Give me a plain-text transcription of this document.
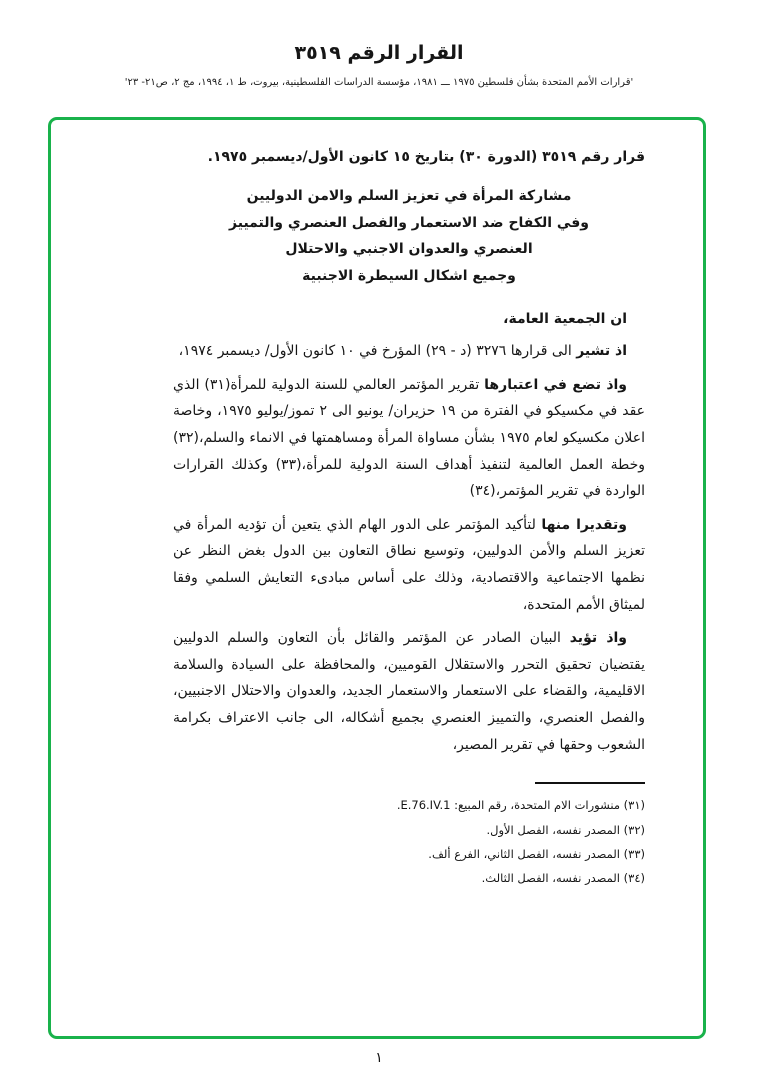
القرار الرقم ٣٥١٩
'قرارات الأمم المتحدة بشأن فلسطين ١٩٧٥ ـــ ١٩٨١، مؤسسة الدراسات الفلسطينية، بيروت، ط ١، ١٩٩٤، مج ٢، ص٢١- ٢٣'

قرار رقم ٣٥١٩ (الدورة ٣٠) بتاريخ ١٥ كانون الأول/ديسمبر ١٩٧٥.

مشاركة المرأة في تعزيز السلم والامن الدوليين
وفي الكفاح ضد الاستعمار والفصل العنصري والتمييز
العنصري والعدوان الاجنبي والاحتلال
وجميع اشكال السيطرة الاجنبية
ان الجمعية العامة،

اذ تشير الى قرارها ٣٢٧٦ (د - ٢٩) المؤرخ في ١٠ كانون الأول/ ديسمبر ١٩٧٤،

واذ تضع في اعتبارها تقرير المؤتمر العالمي للسنة الدولية للمرأة(٣١) الذي عقد في مكسيكو في الفترة من ١٩ حزيران/ يونيو الى ٢ تموز/يوليو ١٩٧٥، وخاصة اعلان مكسيكو لعام ١٩٧٥ بشأن مساواة المرأة ومساهمتها في الانماء والسلم،(٣٢) وخطة العمل العالمية لتنفيذ أهداف السنة الدولية للمرأة،(٣٣) وكذلك القرارات الواردة في تقرير المؤتمر،(٣٤)

وتقديرا منها لتأكيد المؤتمر على الدور الهام الذي يتعين أن تؤديه المرأة في تعزيز السلم والأمن الدوليين، وتوسيع نطاق التعاون بين الدول بغض النظر عن نظمها الاجتماعية والاقتصادية، وذلك على أساس مبادىء التعايش السلمي وفقا لميثاق الأمم المتحدة،

واذ تؤيد البيان الصادر عن المؤتمر والقائل بأن التعاون والسلم الدوليين يقتضيان تحقيق التحرر والاستقلال القوميين، والمحافظة على السيادة والسلامة الاقليمية، والقضاء على الاستعمار والاستعمار الجديد، والعدوان والاحتلال الاجنبيين، والفصل العنصري، والتمييز العنصري بجميع أشكاله، الى جانب الاعتراف بكرامة الشعوب وحقها في تقرير المصير،

(٣١) منشورات الام المتحدة، رقم المبيع: E.76.IV.1.
(٣٢) المصدر نفسه، الفصل الأول.
(٣٣) المصدر نفسه، الفصل الثاني، الفرع ألف.
(٣٤) المصدر نفسه، الفصل الثالث.
١
